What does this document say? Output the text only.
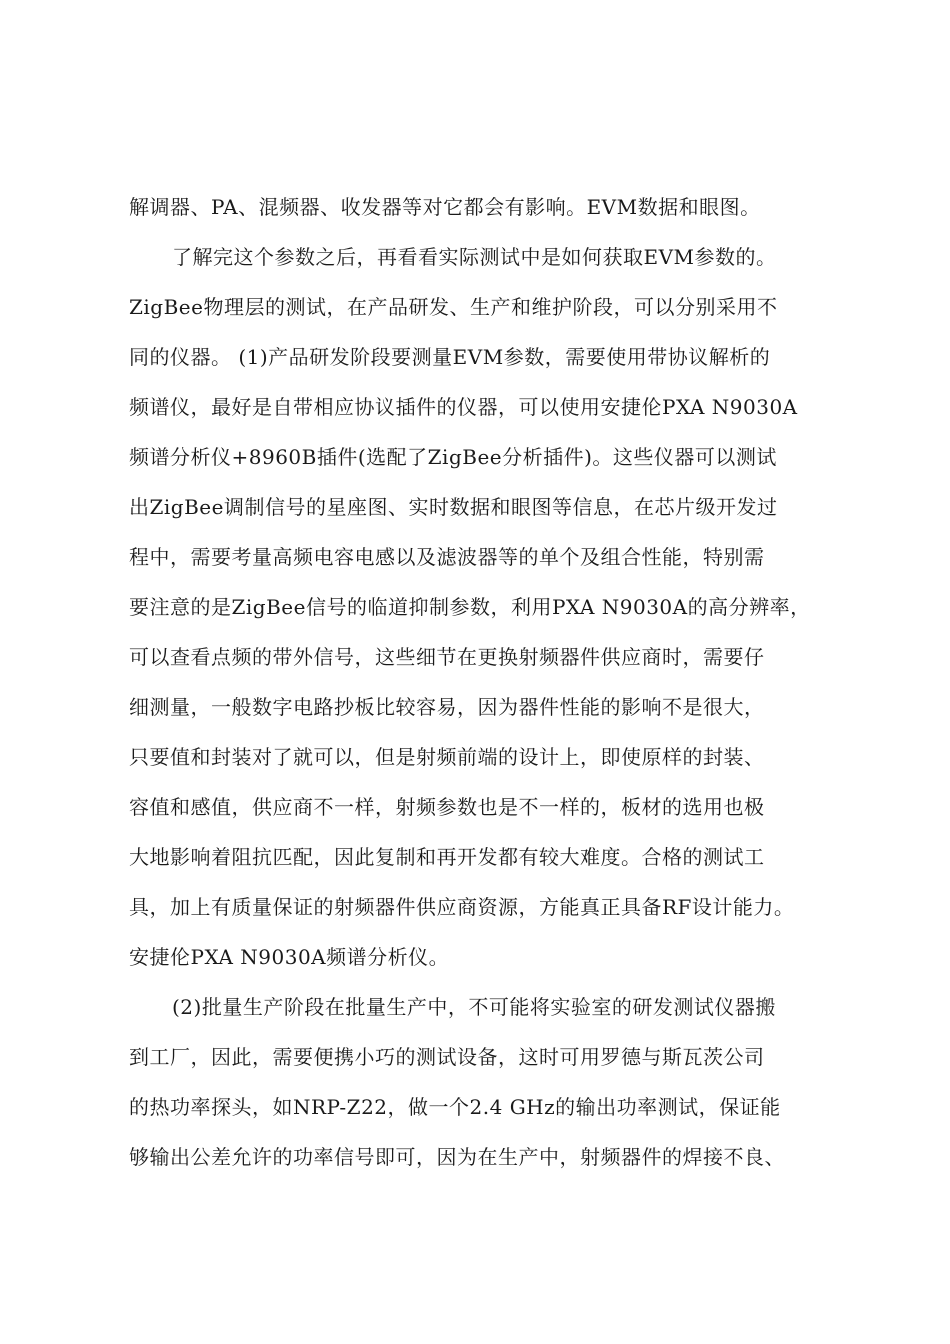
解调器、PA、混频器、收发器等对它都会有影响。EVM数据和眼图。
了解完这个参数之后，再看看实际测试中是如何获取EVM参数的。
ZigBee物理层的测试，在产品研发、生产和维护阶段，可以分别采用不
同的仪器。 (1)产品研发阶段要测量EVM参数，需要使用带协议解析的
频谱仪，最好是自带相应协议插件的仪器，可以使用安捷伦PXA N9030A
频谱分析仪+8960B插件(选配了ZigBee分析插件)。这些仪器可以测试
出ZigBee调制信号的星座图、实时数据和眼图等信息，在芯片级开发过
程中，需要考量高频电容电感以及滤波器等的单个及组合性能，特别需
要注意的是ZigBee信号的临道抑制参数，利用PXA N9030A的高分辨率，
可以查看点频的带外信号，这些细节在更换射频器件供应商时，需要仔
细测量，一般数字电路抄板比较容易，因为器件性能的影响不是很大，
只要值和封装对了就可以，但是射频前端的设计上，即使原样的封装、
容值和感值，供应商不一样，射频参数也是不一样的，板材的选用也极
大地影响着阻抗匹配，因此复制和再开发都有较大难度。合格的测试工
具，加上有质量保证的射频器件供应商资源，方能真正具备RF设计能力。
安捷伦PXA N9030A频谱分析仪。
(2)批量生产阶段在批量生产中，不可能将实验室的研发测试仪器搬
到工厂，因此，需要便携小巧的测试设备，这时可用罗德与斯瓦茨公司
的热功率探头，如NRP-Z22，做一个2.4 GHz的输出功率测试，保证能
够输出公差允许的功率信号即可，因为在生产中，射频器件的焊接不良、
